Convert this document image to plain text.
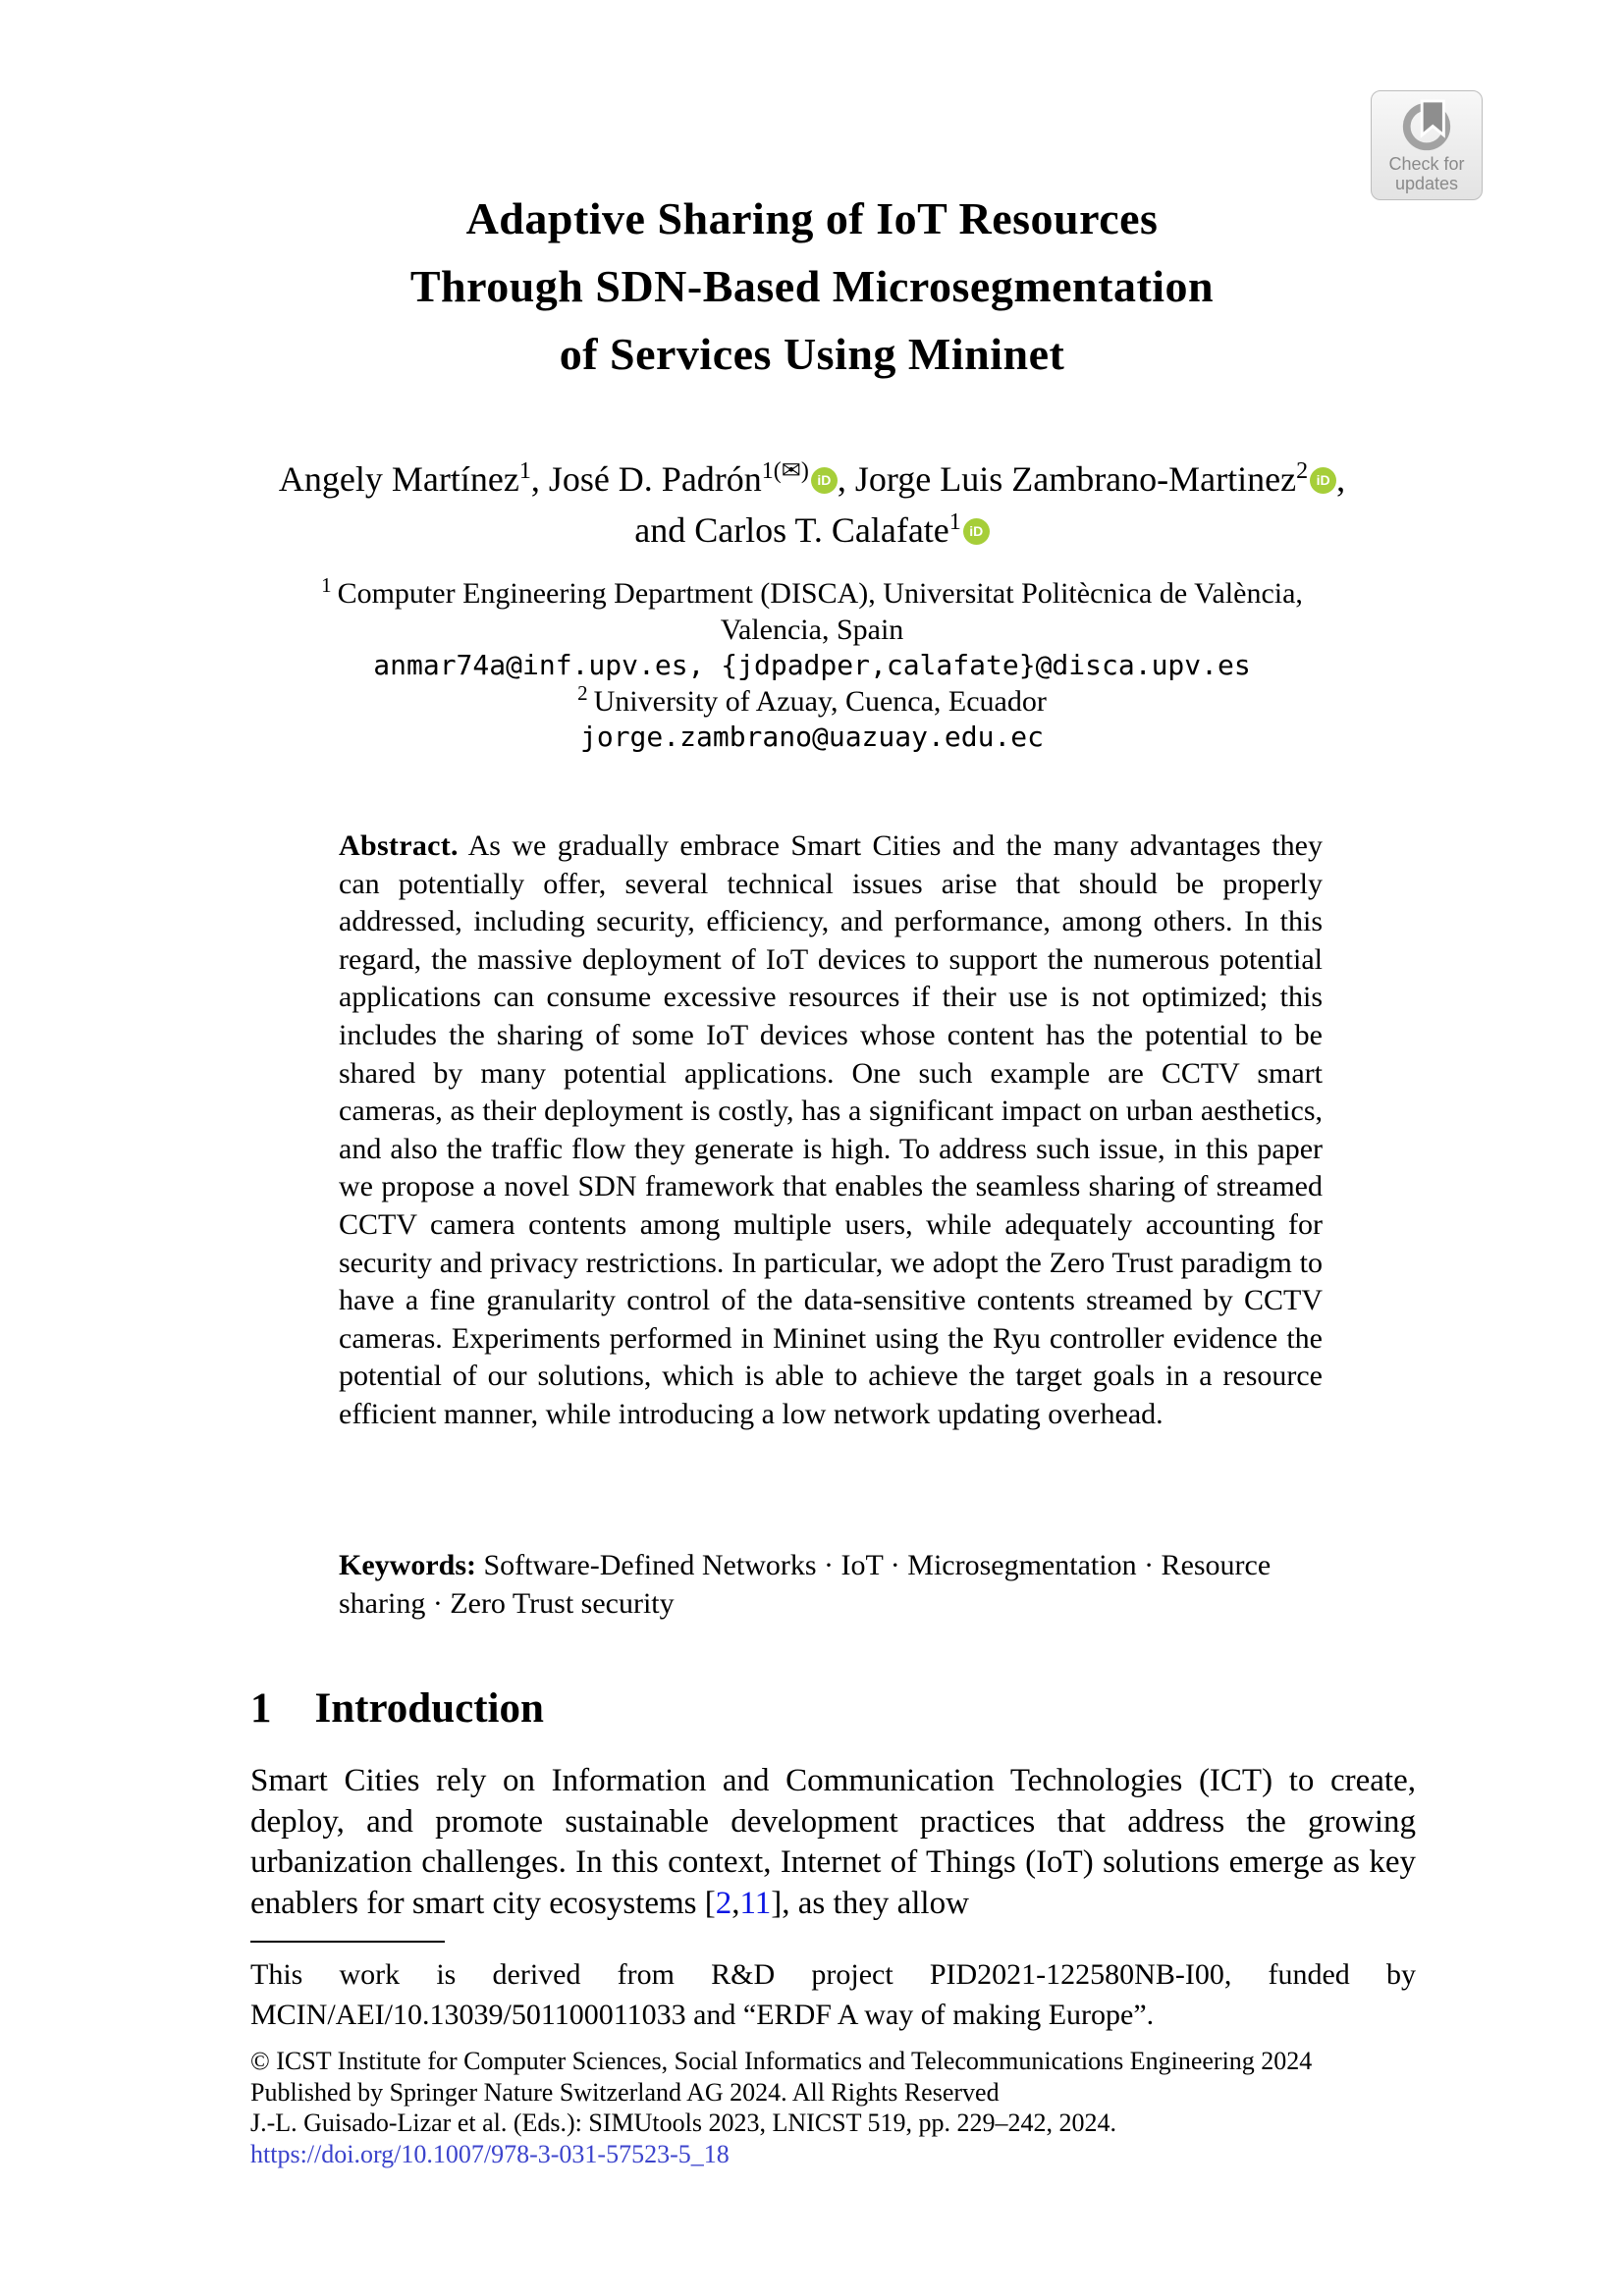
Check for
updates
Adaptive Sharing of IoT Resources
Through SDN-Based Microsegmentation
of Services Using Mininet
Angely Martínez$^1$, José D. Padrón$^{1(✉)}$ iD , Jorge Luis Zambrano-Martinez$^2$ iD ,
and Carlos T. Calafate$^1$ iD
$^1$ Computer Engineering Department (DISCA), Universitat Politècnica de València,
Valencia, Spain
anmar74a@inf.upv.es, {jdpadper,calafate}@disca.upv.es
$^2$ University of Azuay, Cuenca, Ecuador
jorge.zambrano@uazuay.edu.ec

Abstract. As we gradually embrace Smart Cities and the many advantages they can potentially offer, several technical issues arise that should be properly addressed, including security, efficiency, and performance, among others. In this regard, the massive deployment of IoT devices to support the numerous potential applications can consume excessive resources if their use is not optimized; this includes the sharing of some IoT devices whose content has the potential to be shared by many potential applications. One such example are CCTV smart cameras, as their deployment is costly, has a significant impact on urban aesthetics, and also the traffic flow they generate is high. To address such issue, in this paper we propose a novel SDN framework that enables the seamless sharing of streamed CCTV camera contents among multiple users, while adequately accounting for security and privacy restrictions. In particular, we adopt the Zero Trust paradigm to have a fine granularity control of the data-sensitive contents streamed by CCTV cameras. Experiments performed in Mininet using the Ryu controller evidence the potential of our solutions, which is able to achieve the target goals in a resource efficient manner, while introducing a low network updating overhead.

Keywords: Software-Defined Networks · IoT · Microsegmentation · Resource sharing · Zero Trust security

1 Introduction

Smart Cities rely on Information and Communication Technologies (ICT) to create, deploy, and promote sustainable development practices that address the growing urbanization challenges. In this context, Internet of Things (IoT) solutions emerge as key enablers for smart city ecosystems [2,11], as they allow

This work is derived from R&D project PID2021-122580NB-I00, funded by MCIN/AEI/10.13039/501100011033 and “ERDF A way of making Europe”.

© ICST Institute for Computer Sciences, Social Informatics and Telecommunications Engineering 2024
Published by Springer Nature Switzerland AG 2024. All Rights Reserved
J.-L. Guisado-Lizar et al. (Eds.): SIMUtools 2023, LNICST 519, pp. 229–242, 2024.
https://doi.org/10.1007/978-3-031-57523-5_18
